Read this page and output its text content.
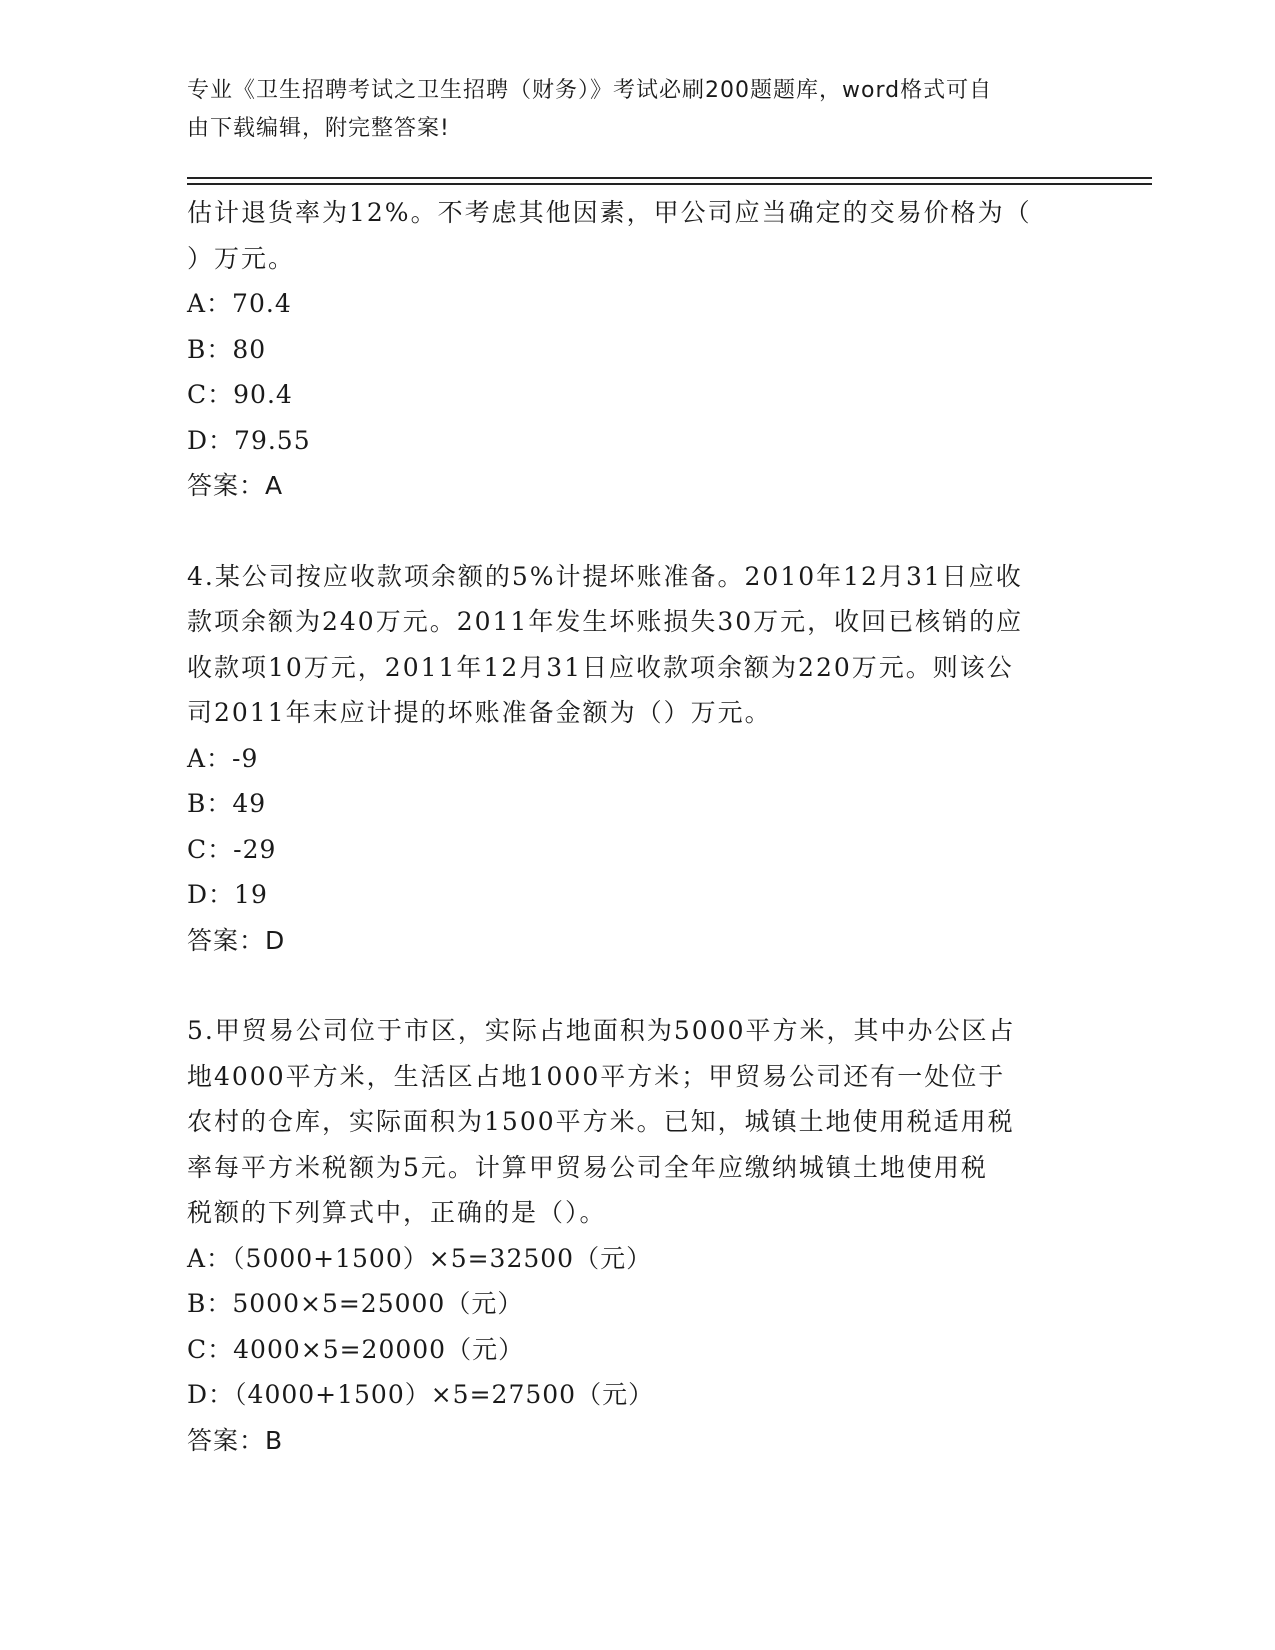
专业《卫生招聘考试之卫生招聘（财务）》考试必刷200题题库，word格式可自
由下载编辑，附完整答案!

估计退货率为12%。不考虑其他因素，甲公司应当确定的交易价格为（

）万元。

A：70.4

B：80

C：90.4

D：79.55

答案：A

4.某公司按应收款项余额的5%计提坏账准备。2010年12月31日应收

款项余额为240万元。2011年发生坏账损失30万元，收回已核销的应

收款项10万元，2011年12月31日应收款项余额为220万元。则该公

司2011年末应计提的坏账准备金额为（）万元。

A：-9

B：49

C：-29

D：19

答案：D

5.甲贸易公司位于市区，实际占地面积为5000平方米，其中办公区占

地4000平方米，生活区占地1000平方米；甲贸易公司还有一处位于

农村的仓库，实际面积为1500平方米。已知，城镇土地使用税适用税

率每平方米税额为5元。计算甲贸易公司全年应缴纳城镇土地使用税

税额的下列算式中，正确的是（）。

A：（5000+1500）×5=32500（元）

B：5000×5=25000（元）

C：4000×5=20000（元）

D：（4000+1500）×5=27500（元）

答案：B
